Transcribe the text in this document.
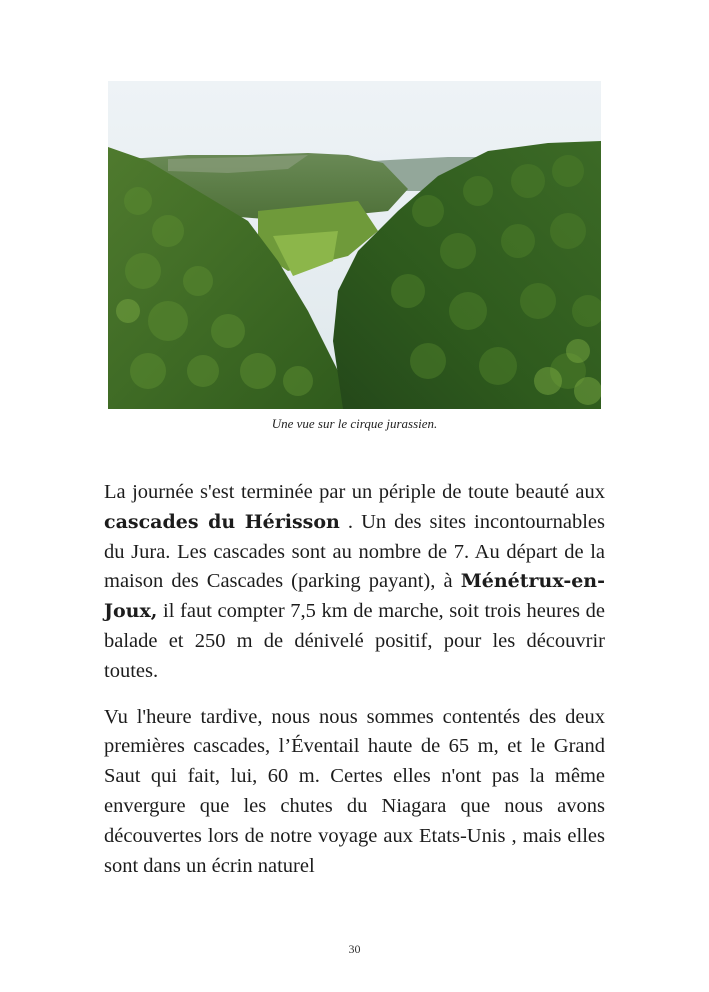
Une vue sur le cirque jurassien.

La journée s'est terminée par un périple de toute beauté aux cascades du Hérisson . Un des sites incontournables du Jura. Les cascades sont au nombre de 7. Au départ de la maison des Cascades (parking payant), à Ménétrux-en-Joux, il faut compter 7,5 km de marche, soit trois heures de balade et 250 m de dénivelé positif, pour les découvrir toutes.

Vu l'heure tardive, nous nous sommes contentés des deux premières cascades, l’Éventail haute de 65 m, et le Grand Saut qui fait, lui, 60 m. Certes elles n'ont pas la même envergure que les chutes du Niagara que nous avons découvertes lors de notre voyage aux Etats-Unis , mais elles sont dans un écrin naturel

30
